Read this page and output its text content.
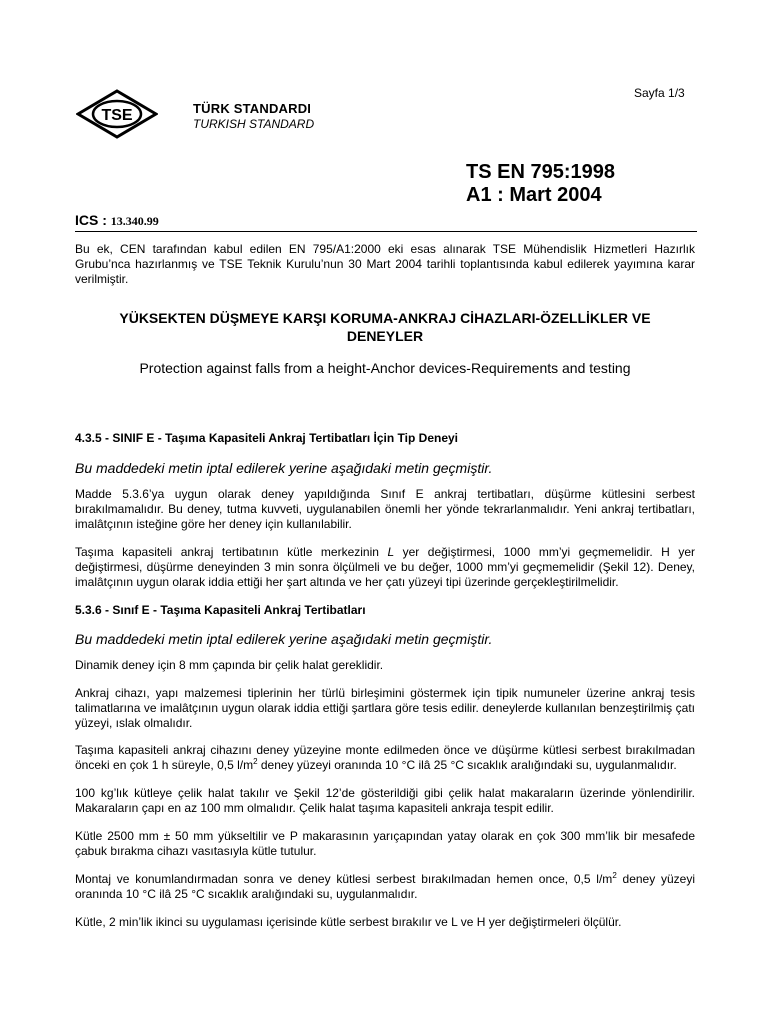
Sayfa 1/3
TSE	TÜRK STANDARDI
TURKISH STANDARD
TS EN 795:1998
A1 : Mart 2004
ICS : 13.340.99

Bu ek, CEN tarafından kabul edilen EN 795/A1:2000 eki esas alınarak TSE Mühendislik Hizmetleri Hazırlık Grubu’nca hazırlanmış ve TSE Teknik Kurulu’nun 30 Mart 2004 tarihli toplantısında kabul edilerek yayımına karar verilmiştir.

YÜKSEKTEN DÜŞMEYE KARŞI KORUMA-ANKRAJ CİHAZLARI-ÖZELLİKLER VE
DENEYLER
Protection against falls from a height-Anchor devices-Requirements and testing

4.3.5 - SINIF E - Taşıma Kapasiteli Ankraj Tertibatları İçin Tip Deneyi

Bu maddedeki metin iptal edilerek yerine aşağıdaki metin geçmiştir.

Madde 5.3.6’ya uygun olarak deney yapıldığında Sınıf E ankraj tertibatları, düşürme kütlesini serbest bırakılmamalıdır. Bu deney, tutma kuvveti, uygulanabilen önemli her yönde tekrarlanmalıdır. Yeni ankraj tertibatları, imalâtçının isteğine göre her deney için kullanılabilir.

Taşıma kapasiteli ankraj tertibatının kütle merkezinin L yer değiştirmesi, 1000 mm’yi geçmemelidir. H yer değiştirmesi, düşürme deneyinden 3 min sonra ölçülmeli ve bu değer, 1000 mm’yi geçmemelidir (Şekil 12). Deney, imalâtçının uygun olarak iddia ettiği her şart altında ve her çatı yüzeyi tipi üzerinde gerçekleştirilmelidir.

5.3.6 - Sınıf E - Taşıma Kapasiteli Ankraj Tertibatları

Bu maddedeki metin iptal edilerek yerine aşağıdaki metin geçmiştir.

Dinamik deney için 8 mm çapında bir çelik halat gereklidir.

Ankraj cihazı, yapı malzemesi tiplerinin her türlü birleşimini göstermek için tipik numuneler üzerine ankraj tesis talimatlarına ve imalâtçının uygun olarak iddia ettiği şartlara göre tesis edilir. deneylerde kullanılan benzeştirilmiş çatı yüzeyi, ıslak olmalıdır.

Taşıma kapasiteli ankraj cihazını deney yüzeyine monte edilmeden önce ve düşürme kütlesi serbest bırakılmadan önceki en çok 1 h süreyle, 0,5 $l/m^2$ deney yüzeyi oranında 10 °C ilâ 25 °C sıcaklık aralığındaki su, uygulanmalıdır.

100 kg’lık kütleye çelik halat takılır ve Şekil 12’de gösterildiği gibi çelik halat makaraların üzerinde yönlendirilir. Makaraların çapı en az 100 mm olmalıdır. Çelik halat taşıma kapasiteli ankraja tespit edilir.

Kütle 2500 mm ± 50 mm yükseltilir ve P makarasının yarıçapından yatay olarak en çok 300 mm’lik bir mesafede çabuk bırakma cihazı vasıtasıyla kütle tutulur.

Montaj ve konumlandırmadan sonra ve deney kütlesi serbest bırakılmadan hemen once, 0,5 $l/m^2$ deney yüzeyi oranında 10 °C ilâ 25 °C sıcaklık aralığındaki su, uygulanmalıdır.

Kütle, 2 min’lik ikinci su uygulaması içerisinde kütle serbest bırakılır ve L ve H yer değiştirmeleri ölçülür.
